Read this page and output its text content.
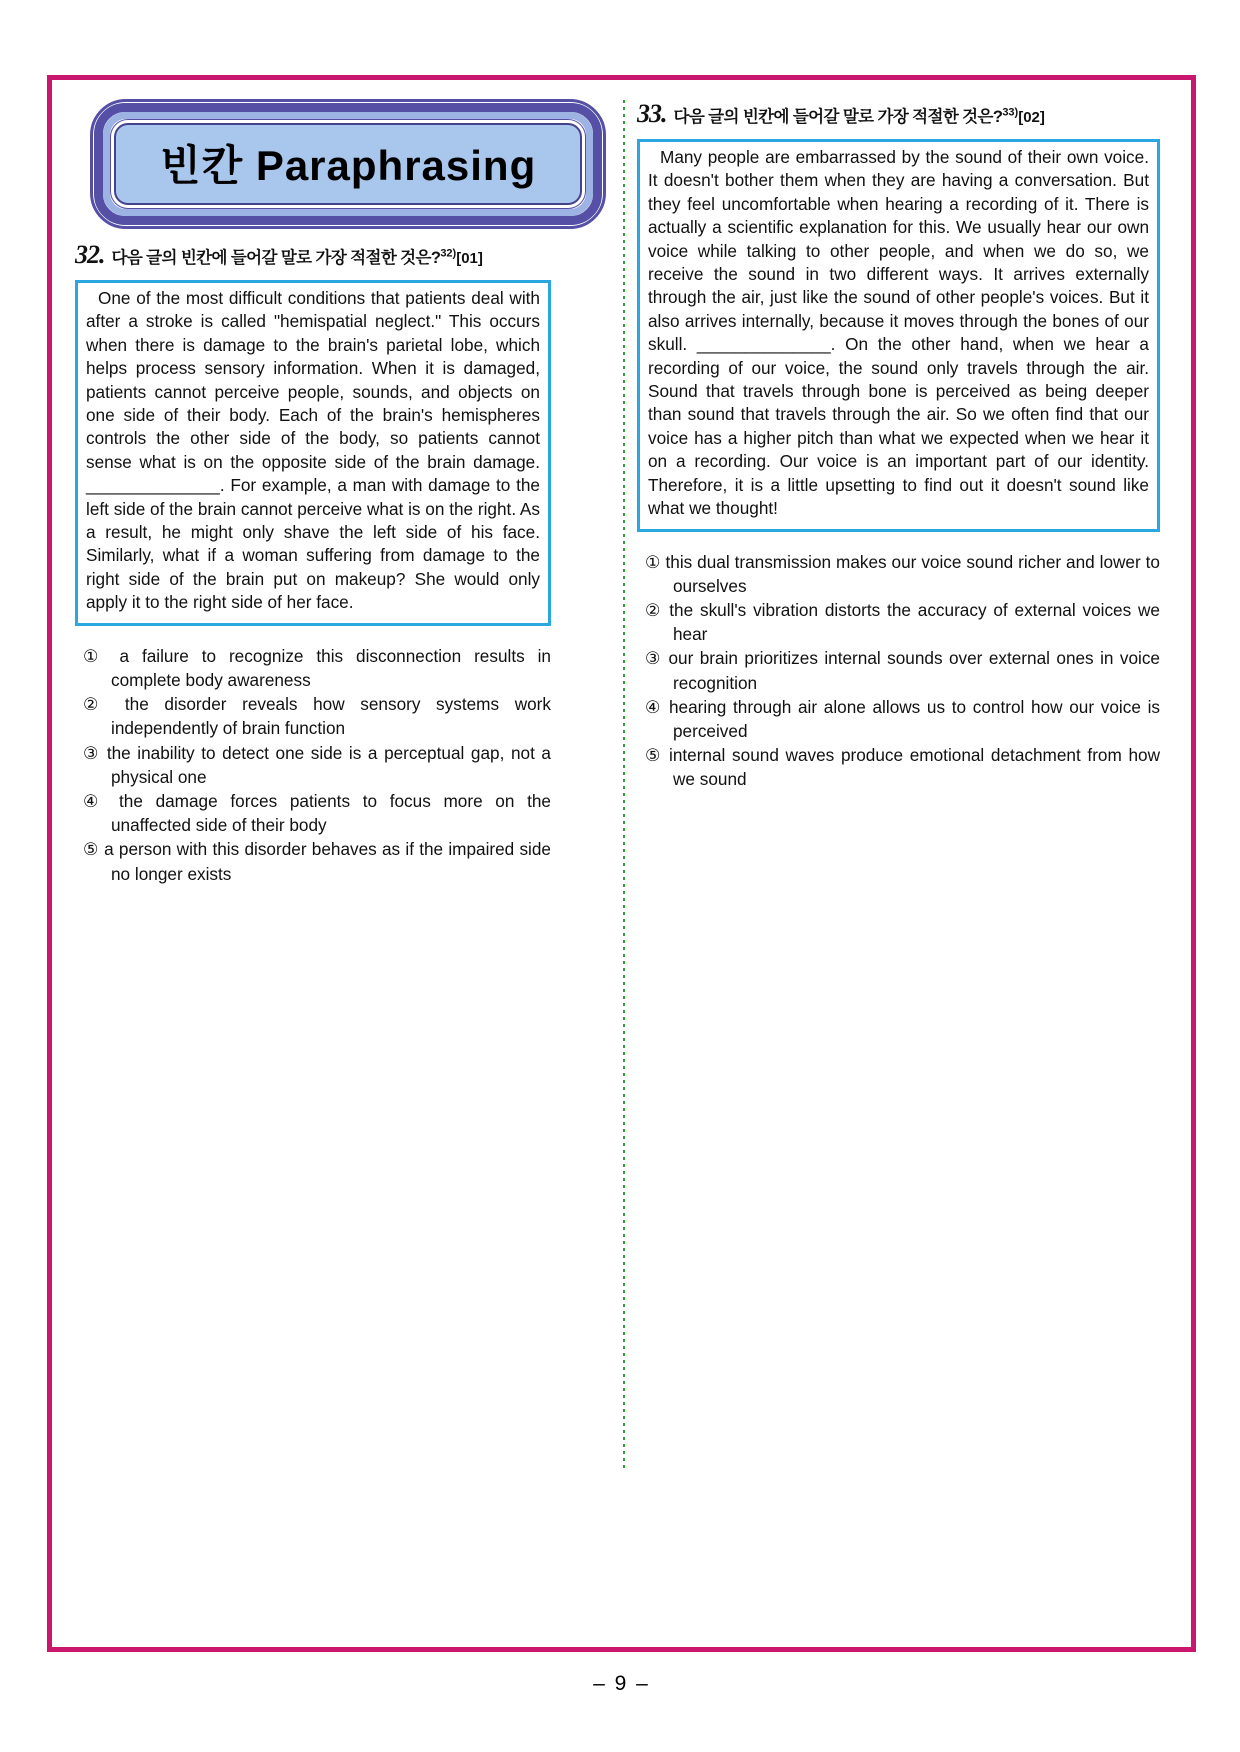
빈칸 Paraphrasing
32. 다음 글의 빈칸에 들어갈 말로 가장 적절한 것은?$^{32)}$[01]

One of the most difficult conditions that patients deal with after a stroke is called "hemispatial neglect." This occurs when there is damage to the brain's parietal lobe, which helps process sensory information. When it is damaged, patients cannot perceive people, sounds, and objects on one side of their body. Each of the brain's hemispheres controls the other side of the body, so patients cannot sense what is on the opposite side of the brain damage. ______________. For example, a man with damage to the left side of the brain cannot perceive what is on the right. As a result, he might only shave the left side of his face. Similarly, what if a woman suffering from damage to the right side of the brain put on makeup? She would only apply it to the right side of her face.

① a failure to recognize this disconnection results in complete body awareness
② the disorder reveals how sensory systems work independently of brain function
③ the inability to detect one side is a perceptual gap, not a physical one
④ the damage forces patients to focus more on the unaffected side of their body
⑤ a person with this disorder behaves as if the impaired side no longer exists
33. 다음 글의 빈칸에 들어갈 말로 가장 적절한 것은?$^{33)}$[02]

Many people are embarrassed by the sound of their own voice. It doesn't bother them when they are having a conversation. But they feel uncomfortable when hearing a recording of it. There is actually a scientific explanation for this. We usually hear our own voice while talking to other people, and when we do so, we receive the sound in two different ways. It arrives externally through the air, just like the sound of other people's voices. But it also arrives internally, because it moves through the bones of our skull. ______________. On the other hand, when we hear a recording of our voice, the sound only travels through the air. Sound that travels through bone is perceived as being deeper than sound that travels through the air. So we often find that our voice has a higher pitch than what we expected when we hear it on a recording. Our voice is an important part of our identity. Therefore, it is a little upsetting to find out it doesn't sound like what we thought!

① this dual transmission makes our voice sound richer and lower to ourselves
② the skull's vibration distorts the accuracy of external voices we hear
③ our brain prioritizes internal sounds over external ones in voice recognition
④ hearing through air alone allows us to control how our voice is perceived
⑤ internal sound waves produce emotional detachment from how we sound
– 9 –
